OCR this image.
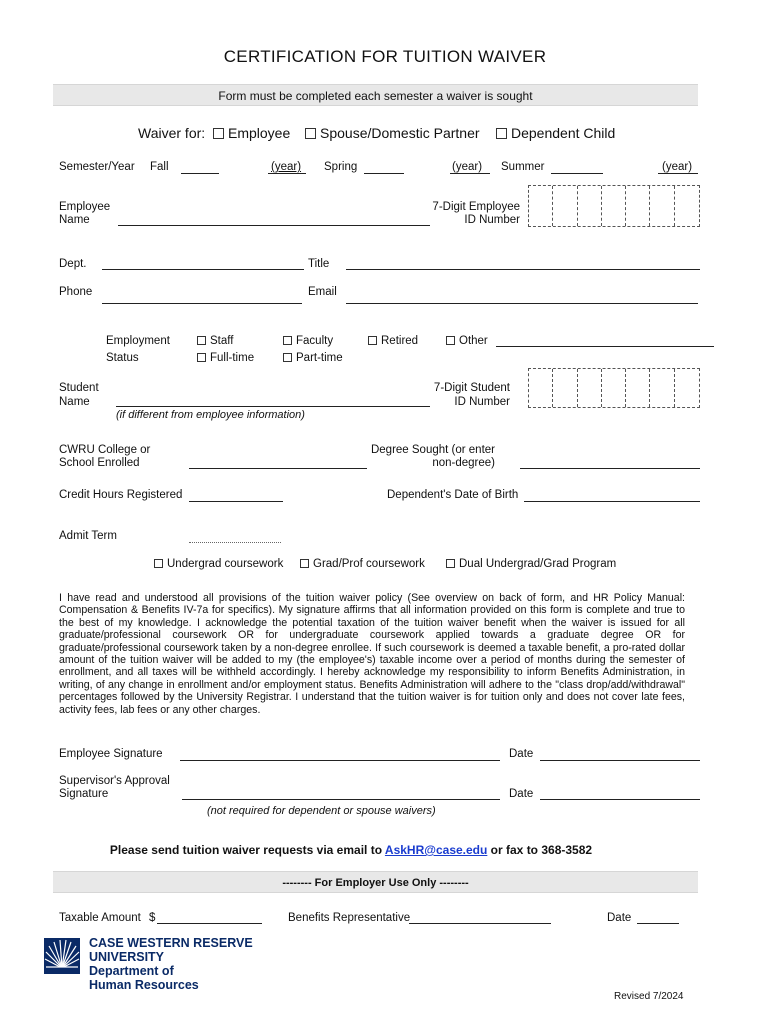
CERTIFICATION FOR TUITION WAIVER
Form must be completed each semester a waiver is sought
Waiver for:	Employee	Spouse/Domestic Partner	Dependent Child
Semester/Year Fall	(year) Spring	(year) Summer	(year)
Employee
Name
7-Digit Employee
ID Number
Dept.	Title
Phone	Email
Employment
Status
Staff	Faculty	Retired	Other
Full-time	Part-time
Student
Name
(if different from employee information)
7-Digit Student
ID Number
CWRU College or
School Enrolled
Degree Sought (or enter
non-degree)
Credit Hours Registered	Dependent's Date of Birth
Admit Term
Undergrad coursework	Grad/Prof coursework	Dual Undergrad/Grad Program
I have read and understood all provisions of the tuition waiver policy (See overview on back of form, and HR Policy Manual: Compensation & Benefits IV-7a for specifics). My signature affirms that all information provided on this form is complete and true to the best of my knowledge. I acknowledge the potential taxation of the tuition waiver benefit when the waiver is issued for all graduate/professional coursework OR for undergraduate coursework applied towards a graduate degree OR for graduate/professional coursework taken by a non-degree enrollee. If such coursework is deemed a taxable benefit, a pro-rated dollar amount of the tuition waiver will be added to my (the employee's) taxable income over a period of months during the semester of enrollment, and all taxes will be withheld accordingly. I hereby acknowledge my responsibility to inform Benefits Administration, in writing, of any change in enrollment and/or employment status. Benefits Administration will adhere to the "class drop/add/withdrawal" percentages followed by the University Registrar. I understand that the tuition waiver is for tuition only and does not cover late fees, activity fees, lab fees or any other charges.
Employee Signature	Date
Supervisor's Approval
Signature	Date
(not required for dependent or spouse waivers)
Please send tuition waiver requests via email to AskHR@case.edu or fax to 368-3582
-------- For Employer Use Only --------
Taxable Amount $	Benefits Representative	Date
CASE WESTERN RESERVE
UNIVERSITY
Department of
Human Resources
Revised 7/2024
